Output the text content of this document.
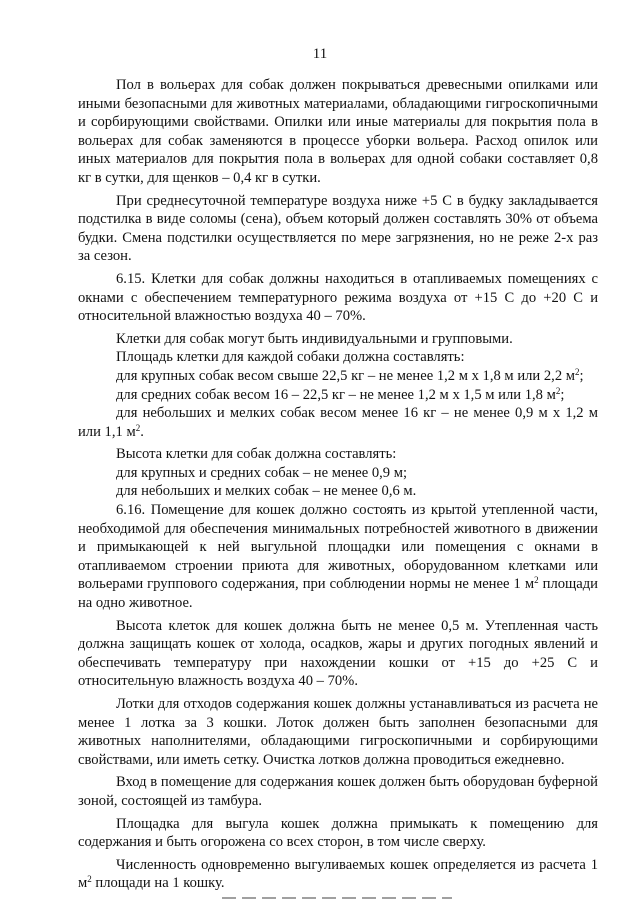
11

Пол в вольерах для собак должен покрываться древесными опилками или иными безопасными для животных материалами, обладающими гигроскопичными и сорбирующими свойствами. Опилки или иные материалы для покрытия пола в вольерах для собак заменяются в процессе уборки вольера. Расход опилок или иных материалов для покрытия пола в вольерах для одной собаки составляет 0,8 кг в сутки, для щенков – 0,4 кг в сутки.

При среднесуточной температуре воздуха ниже +5 С в будку закладывается подстилка в виде соломы (сена), объем который должен составлять 30% от объема будки. Смена подстилки осуществляется по мере загрязнения, но не реже 2-х раз за сезон.

6.15. Клетки для собак должны находиться в отапливаемых помещениях с окнами с обеспечением температурного режима воздуха от +15 С до +20 С и относительной влажностью воздуха 40 – 70%.

Клетки для собак могут быть индивидуальными и групповыми.

Площадь клетки для каждой собаки должна составлять:

для крупных собак весом свыше 22,5 кг – не менее 1,2 м х 1,8 м или 2,2 $м^2$;

для средних собак весом 16 – 22,5 кг – не менее 1,2 м х 1,5 м или 1,8 $м^2$;

для небольших и мелких собак весом менее 16 кг – не менее 0,9 м х 1,2 м или 1,1 $м^2$.

Высота клетки для собак должна составлять:

для крупных и средних собак – не менее 0,9 м;

для небольших и мелких собак – не менее 0,6 м.

6.16. Помещение для кошек должно состоять из крытой утепленной части, необходимой для обеспечения минимальных потребностей животного в движении и примыкающей к ней выгульной площадки или помещения с окнами в отапливаемом строении приюта для животных, оборудованном клетками или вольерами группового содержания, при соблюдении нормы не менее 1 $м^2$ площади на одно животное.

Высота клеток для кошек должна быть не менее 0,5 м. Утепленная часть должна защищать кошек от холода, осадков, жары и других погодных явлений и обеспечивать температуру при нахождении кошки от +15 до +25 С и относительную влажность воздуха 40 – 70%.

Лотки для отходов содержания кошек должны устанавливаться из расчета не менее 1 лотка за 3 кошки. Лоток должен быть заполнен безопасными для животных наполнителями, обладающими гигроскопичными и сорбирующими свойствами, или иметь сетку. Очистка лотков должна проводиться ежедневно.

Вход в помещение для содержания кошек должен быть оборудован буферной зоной, состоящей из тамбура.

Площадка для выгула кошек должна примыкать к помещению для содержания и быть огорожена со всех сторон, в том числе сверху.

Численность одновременно выгуливаемых кошек определяется из расчета 1 $м^2$ площади на 1 кошку.
